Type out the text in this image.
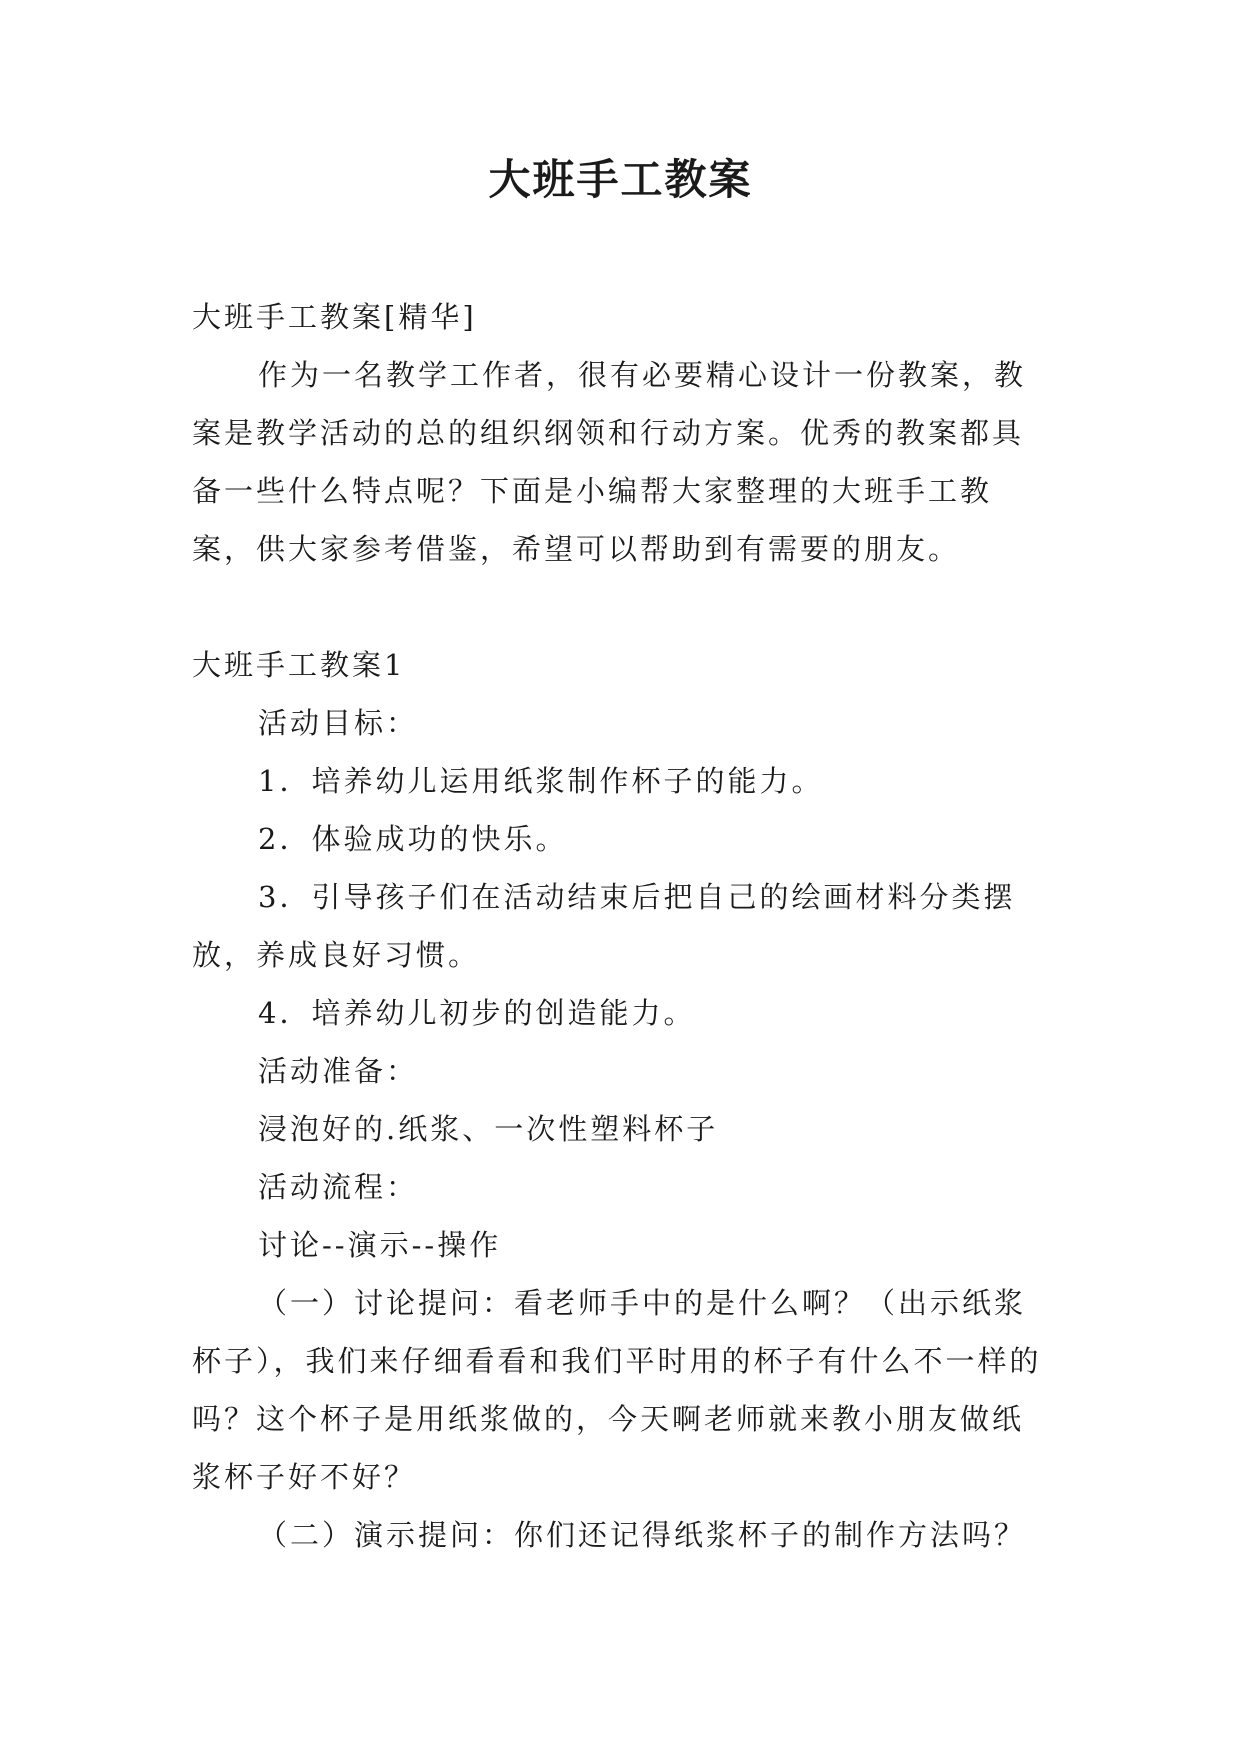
大班手工教案

大班手工教案[精华]

作为一名教学工作者，很有必要精心设计一份教案，教案是教学活动的总的组织纲领和行动方案。优秀的教案都具备一些什么特点呢？下面是小编帮大家整理的大班手工教案，供大家参考借鉴，希望可以帮助到有需要的朋友。

大班手工教案1

活动目标：

1．培养幼儿运用纸浆制作杯子的能力。

2．体验成功的快乐。

3．引导孩子们在活动结束后把自己的绘画材料分类摆放，养成良好习惯。

4．培养幼儿初步的创造能力。

活动准备：

浸泡好的.纸浆、一次性塑料杯子

活动流程：

讨论--演示--操作

（一）讨论提问：看老师手中的是什么啊？（出示纸浆杯子），我们来仔细看看和我们平时用的杯子有什么不一样的吗？这个杯子是用纸浆做的，今天啊老师就来教小朋友做纸浆杯子好不好？

（二）演示提问：你们还记得纸浆杯子的制作方法吗？
